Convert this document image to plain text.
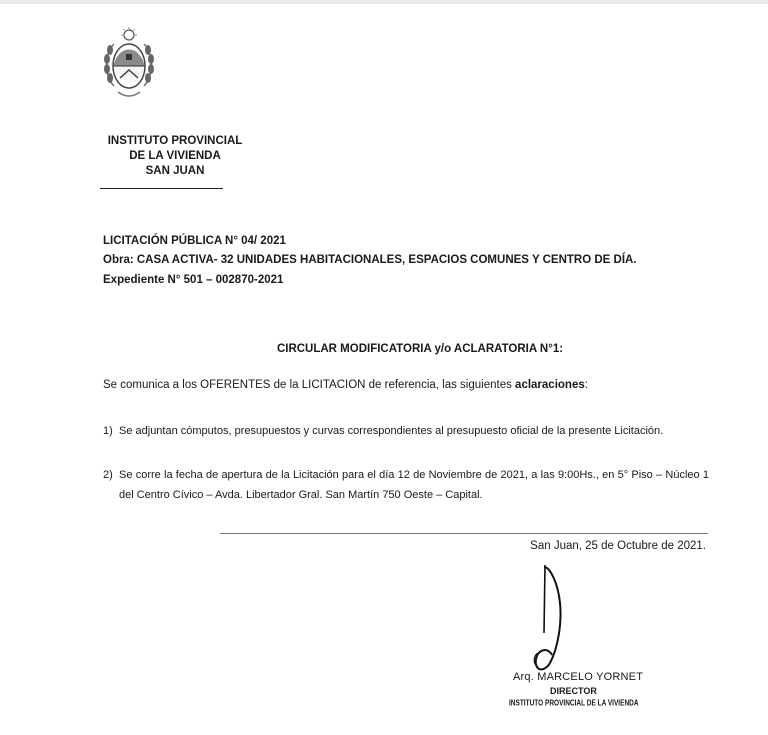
INSTITUTO PROVINCIAL
DE LA VIVIENDA
SAN JUAN
LICITACIÓN PÚBLICA N° 04/ 2021
Obra: CASA ACTIVA- 32 UNIDADES HABITACIONALES, ESPACIOS COMUNES Y CENTRO DE DÍA.
Expediente N° 501 – 002870-2021
CIRCULAR MODIFICATORIA y/o ACLARATORIA N°1:
Se comunica a los OFERENTES de la LICITACION de referencia, las siguientes aclaraciones:
1) Se adjuntan cómputos, presupuestos y curvas correspondientes al presupuesto oficial de la presente Licitación.
2) Se corre la fecha de apertura de la Licitación para el día 12 de Noviembre de 2021, a las 9:00Hs., en 5° Piso – Núcleo 1 del Centro Cívico – Avda. Libertador Gral. San Martín 750 Oeste – Capital.
San Juan, 25 de Octubre de 2021.
Arq. MARCELO YORNET
DIRECTOR
INSTITUTO PROVINCIAL DE LA VIVIENDA
